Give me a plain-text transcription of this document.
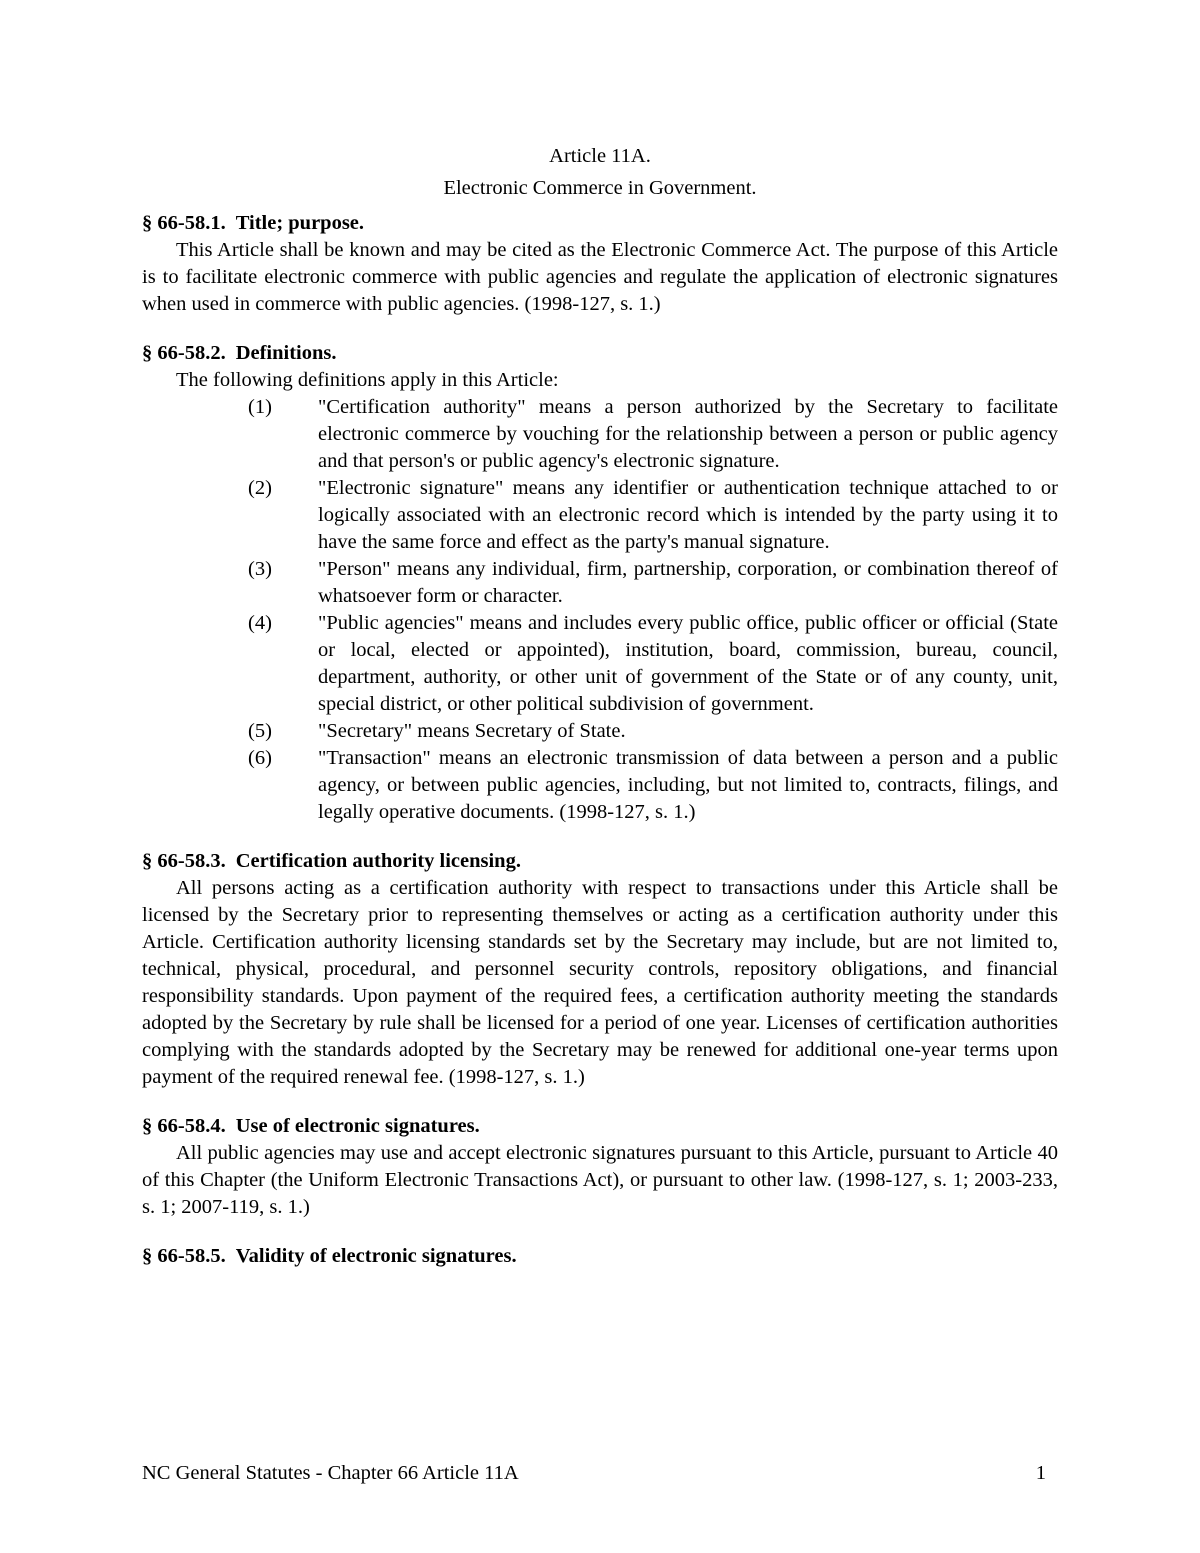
Article 11A.

Electronic Commerce in Government.

§ 66-58.1. Title; purpose.

This Article shall be known and may be cited as the Electronic Commerce Act. The purpose of this Article is to facilitate electronic commerce with public agencies and regulate the application of electronic signatures when used in commerce with public agencies. (1998-127, s. 1.)

§ 66-58.2. Definitions.

The following definitions apply in this Article:

(1) "Certification authority" means a person authorized by the Secretary to facilitate electronic commerce by vouching for the relationship between a person or public agency and that person's or public agency's electronic signature.
(2) "Electronic signature" means any identifier or authentication technique attached to or logically associated with an electronic record which is intended by the party using it to have the same force and effect as the party's manual signature.
(3) "Person" means any individual, firm, partnership, corporation, or combination thereof of whatsoever form or character.
(4) "Public agencies" means and includes every public office, public officer or official (State or local, elected or appointed), institution, board, commission, bureau, council, department, authority, or other unit of government of the State or of any county, unit, special district, or other political subdivision of government.
(5) "Secretary" means Secretary of State.
(6) "Transaction" means an electronic transmission of data between a person and a public agency, or between public agencies, including, but not limited to, contracts, filings, and legally operative documents. (1998-127, s. 1.)

§ 66-58.3. Certification authority licensing.

All persons acting as a certification authority with respect to transactions under this Article shall be licensed by the Secretary prior to representing themselves or acting as a certification authority under this Article. Certification authority licensing standards set by the Secretary may include, but are not limited to, technical, physical, procedural, and personnel security controls, repository obligations, and financial responsibility standards. Upon payment of the required fees, a certification authority meeting the standards adopted by the Secretary by rule shall be licensed for a period of one year. Licenses of certification authorities complying with the standards adopted by the Secretary may be renewed for additional one-year terms upon payment of the required renewal fee. (1998-127, s. 1.)

§ 66-58.4. Use of electronic signatures.

All public agencies may use and accept electronic signatures pursuant to this Article, pursuant to Article 40 of this Chapter (the Uniform Electronic Transactions Act), or pursuant to other law. (1998-127, s. 1; 2003-233, s. 1; 2007-119, s. 1.)

§ 66-58.5. Validity of electronic signatures.

NC General Statutes - Chapter 66 Article 11A	1
